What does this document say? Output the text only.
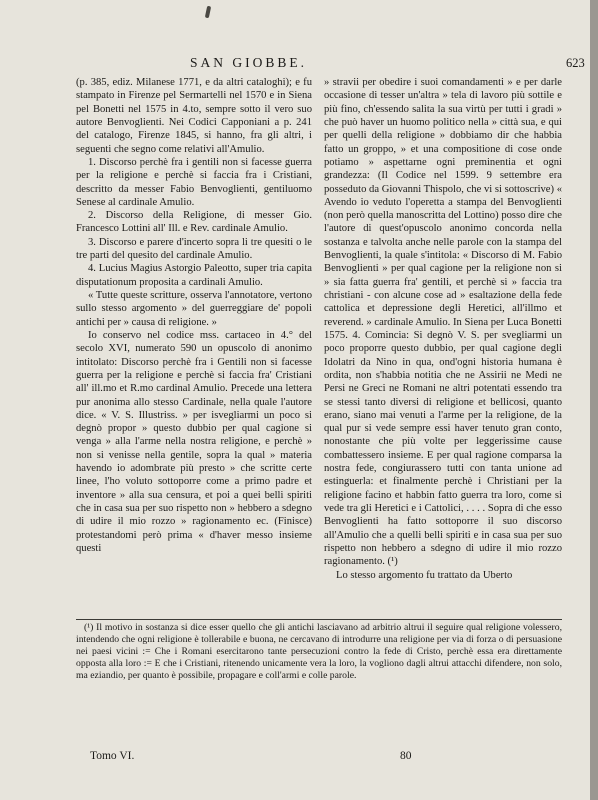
SAN GIOBBE.	623

(p. 385, ediz. Milanese 1771, e da altri cataloghi); e fu stampato in Firenze pel Sermartelli nel 1570 e in Siena pel Bonetti nel 1575 in 4.to, sempre sotto il vero suo autore Benvoglienti. Nei Codici Capponiani a p. 241 del catalogo, Firenze 1845, si hanno, fra gli altri, i seguenti che segno come relativi all'Amulio.

1. Discorso perchè fra i gentili non si facesse guerra per la religione e perchè si faccia fra i Cristiani, descritto da messer Fabio Benvoglienti, gentiluomo Senese al cardinale Amulio.

2. Discorso della Religione, di messer Gio. Francesco Lottini all' Ill. e Rev. cardinale Amulio.

3. Discorso e parere d'incerto sopra li tre quesiti o le tre parti del quesito del cardinale Amulio.

4. Lucius Magius Astorgio Paleotto, super tria capita disputationum proposita a cardinali Amulio.

« Tutte queste scritture, osserva l'annotatore, vertono sullo stesso argomento » del guerreggiare de' popoli antichi per » causa di religione. »

Io conservo nel codice mss. cartaceo in 4.° del secolo XVI, numerato 590 un opuscolo di anonimo intitolato: Discorso perchè fra i Gentili non si facesse guerra per la religione e perchè si faccia fra' Cristiani all' ill.mo et R.mo cardinal Amulio. Precede una lettera pur anonima allo stesso Cardinale, nella quale l'autore dice. « V. S. Illustriss. » per isvegliarmi un poco si degnò propor » questo dubbio per qual cagione si venga » alla l'arme nella nostra religione, e perchè » non si venisse nella gentile, sopra la qual » materia havendo io adombrate più presto » che scritte certe linee, l'ho voluto sottoporre come a primo padre et inventore » alla sua censura, et poi a quei belli spiriti che in casa sua per suo rispetto non » hebbero a sdegno di udire il mio rozzo » ragionamento ec. (Finisce) protestandomi però prima « d'haver messo insieme questi

» stravii per obedire i suoi comandamenti » e per darle occasione di tesser un'altra » tela di lavoro più sottile e più fino, ch'essendo salita la sua virtù per tutti i gradi » che può haver un huomo politico nella » città sua, e qui per quelli della religione » dobbiamo dir che habbia fatto un groppo, » et una compositione di cose onde potiamo » aspettarne ogni preminentia et ogni grandezza: (Il Codice nel 1599. 9 settembre era posseduto da Giovanni Thispolo, che vi si sottoscrive) « Avendo io veduto l'operetta a stampa del Benvoglienti (non però quella manoscritta del Lottino) posso dire che l'autore di quest'opuscolo anonimo concorda nella sostanza e talvolta anche nelle parole con la stampa del Benvoglienti, la quale s'intitola: « Discorso di M. Fabio Benvoglienti » per qual cagione per la religione non si » sia fatta guerra fra' gentili, et perchè si » faccia tra christiani - con alcune cose ad » esaltazione della fede cattolica et depressione degli Heretici, all'illmo et reverend. » cardinale Amulio. In Siena per Luca Bonetti 1575. 4. Comincia: Si degnò V. S. per svegliarmi un poco proporre questo dubbio, per qual cagione degli Idolatri da Nino in qua, ond'ogni historia humana è ordita, non s'habbia notitia che ne Assirii ne Medi ne Persi ne Greci ne Romani ne altri potentati essendo tra se stessi tanto diversi di religione et bellicosi, quanto erano, siano mai venuti a l'arme per la religione, de la qual pur si vede sempre essi haver tenuto gran conto, nonostante che più volte per leggerissime cause combattessero insieme. E per qual ragione comparsa la nostra fede, congiurassero tutti con tanta unione ad estinguerla: et finalmente perchè i Christiani per la religione facino et habbin fatto guerra tra loro, come si vede tra gli Heretici e i Cattolici, . . . . Sopra di che esso Benvoglienti ha fatto sottoporre il suo discorso all'Amulio che a quelli belli spiriti e in casa sua per suo rispetto non hebbero a sdegno di udire il mio rozzo ragionamento. (¹)

Lo stesso argomento fu trattato da Uberto

(¹) Il motivo in sostanza si dice esser quello che gli antichi lasciavano ad arbitrio altrui il seguire qual religione volessero, intendendo che ogni religione è tollerabile e buona, ne cercavano di introdurre una religione per via di forza o di persuasione nei paesi vicini := Che i Romani esercitarono tante persecuzioni contro la fede di Cristo, perchè essa era direttamente opposta alla loro := E che i Cristiani, ritenendo unicamente vera la loro, la vogliono dagli altrui attacchi difendere, non solo, ma eziandio, per quanto è possibile, propagare e coll'armi e colle parole.

Tomo VI.	80
